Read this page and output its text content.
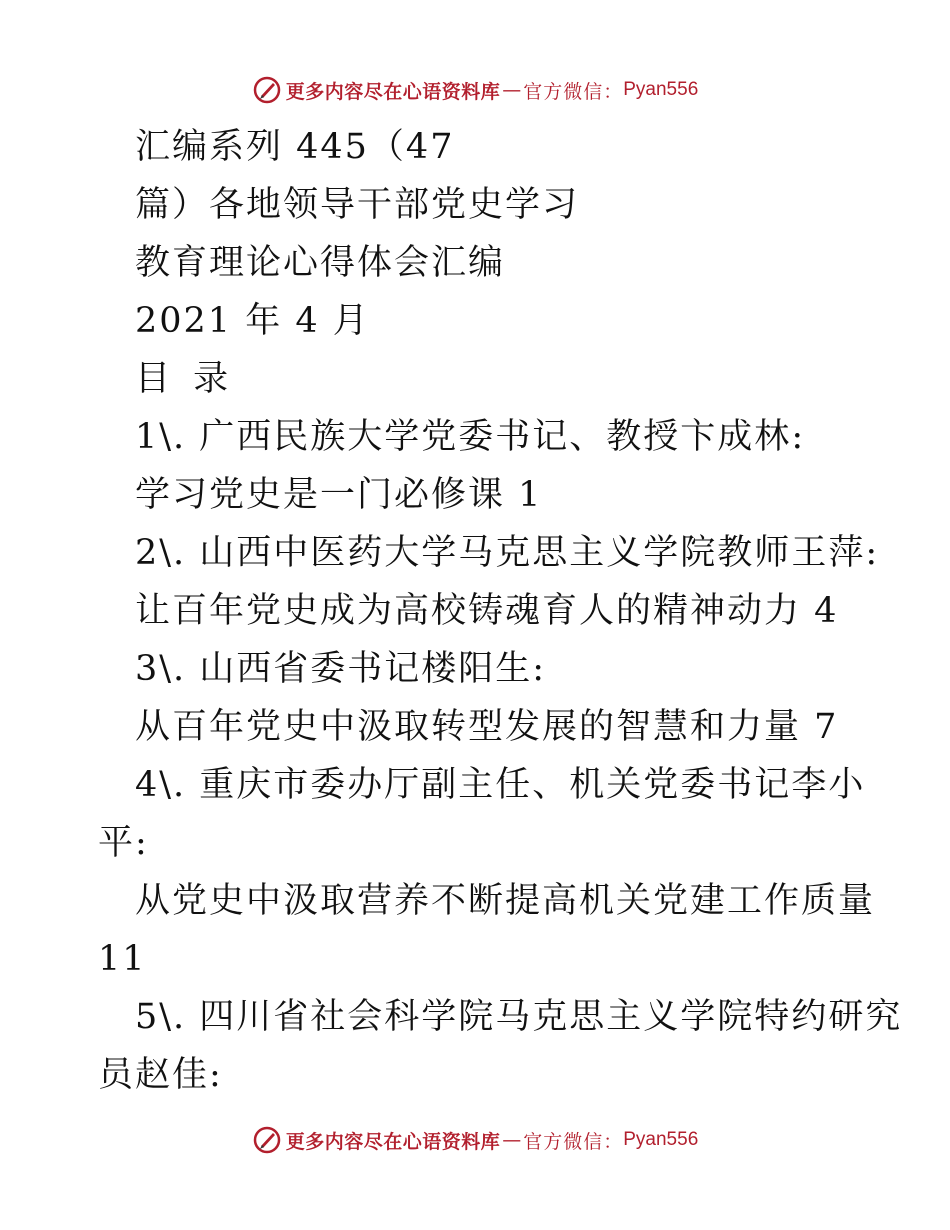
更多内容尽在心语资料库 — 官方微信： Pyan556
汇编系列 445（47
篇）各地领导干部党史学习
教育理论心得体会汇编
2021 年 4 月
目 录
1\. 广西民族大学党委书记、教授卞成林:
学习党史是一门必修课 1
2\. 山西中医药大学马克思主义学院教师王萍:
让百年党史成为高校铸魂育人的精神动力 4
3\. 山西省委书记楼阳生:
从百年党史中汲取转型发展的智慧和力量 7
4\. 重庆市委办厅副主任、机关党委书记李小
平:
从党史中汲取营养不断提高机关党建工作质量
11
5\. 四川省社会科学院马克思主义学院特约研究
员赵佳:
更多内容尽在心语资料库 — 官方微信： Pyan556
